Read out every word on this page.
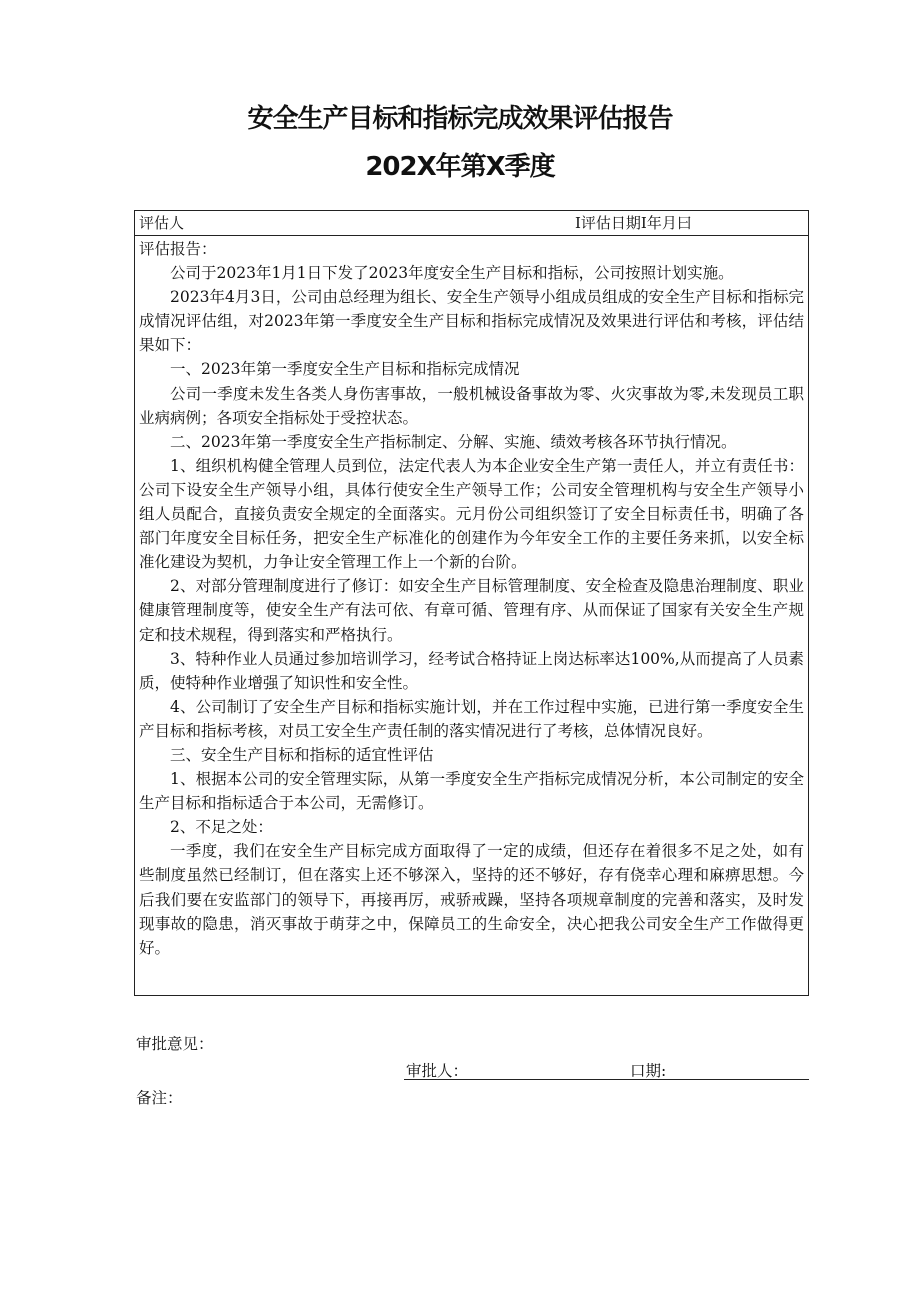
安全生产目标和指标完成效果评估报告
202X年第X季度
评估人	I评估日期I年月曰

评估报告：

公司于2023年1月1日下发了2023年度安全生产目标和指标，公司按照计划实施。

2023年4月3日，公司由总经理为组长、安全生产领导小组成员组成的安全生产目标和指标完成情况评估组，对2023年第一季度安全生产目标和指标完成情况及效果进行评估和考核，评估结果如下：

一、2023年第一季度安全生产目标和指标完成情况

公司一季度未发生各类人身伤害事故，一般机械设备事故为零、火灾事故为零,未发现员工职业病病例；各项安全指标处于受控状态。

二、2023年第一季度安全生产指标制定、分解、实施、绩效考核各环节执行情况。

1、组织机构健全管理人员到位，法定代表人为本企业安全生产第一责任人，并立有责任书：公司下设安全生产领导小组，具体行使安全生产领导工作；公司安全管理机构与安全生产领导小组人员配合，直接负责安全规定的全面落实。元月份公司组织签订了安全目标责任书，明确了各部门年度安全目标任务，把安全生产标准化的创建作为今年安全工作的主要任务来抓，以安全标准化建设为契机，力争让安全管理工作上一个新的台阶。

2、对部分管理制度进行了修订：如安全生产目标管理制度、安全检查及隐患治理制度、职业健康管理制度等，使安全生产有法可依、有章可循、管理有序、从而保证了国家有关安全生产规定和技术规程，得到落实和严格执行。

3、特种作业人员通过参加培训学习，经考试合格持证上岗达标率达100%,从而提高了人员素质，使特种作业增强了知识性和安全性。

4、公司制订了安全生产目标和指标实施计划，并在工作过程中实施，已进行第一季度安全生产目标和指标考核，对员工安全生产责任制的落实情况进行了考核，总体情况良好。

三、安全生产目标和指标的适宜性评估

1、根据本公司的安全管理实际，从第一季度安全生产指标完成情况分析，本公司制定的安全生产目标和指标适合于本公司，无需修订。

2、不足之处：

一季度，我们在安全生产目标完成方面取得了一定的成绩，但还存在着很多不足之处，如有些制度虽然已经制订，但在落实上还不够深入，坚持的还不够好，存有侥幸心理和麻痹思想。今后我们要在安监部门的领导下，再接再厉，戒骄戒躁，坚持各项规章制度的完善和落实，及时发现事故的隐患，消灭事故于萌芽之中，保障员工的生命安全，决心把我公司安全生产工作做得更好。

审批意见：
审批人：	口期:
备注：
